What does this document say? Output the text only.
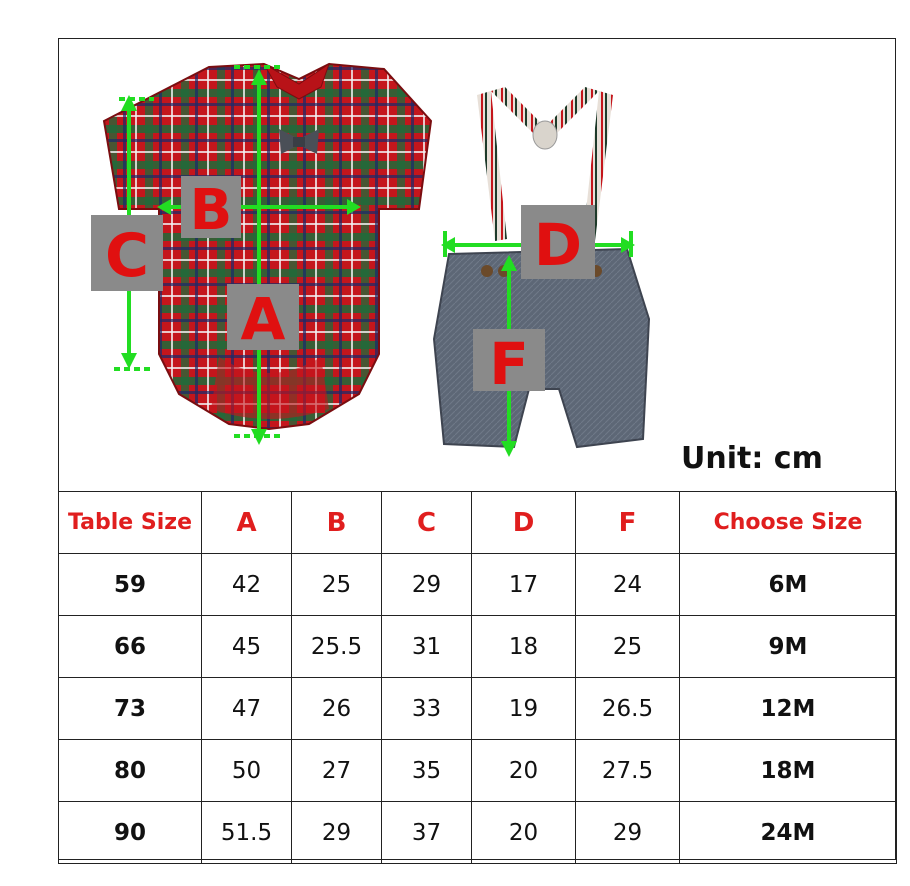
A
B
C	D
F
Unit: cm
Table Size	A	B	C	D	F	Choose Size
59	42	25	29	17	24	6M
66	45	25.5	31	18	25	9M
73	47	26	33	19	26.5	12M
80	50	27	35	20	27.5	18M
90	51.5	29	37	20	29	24M
